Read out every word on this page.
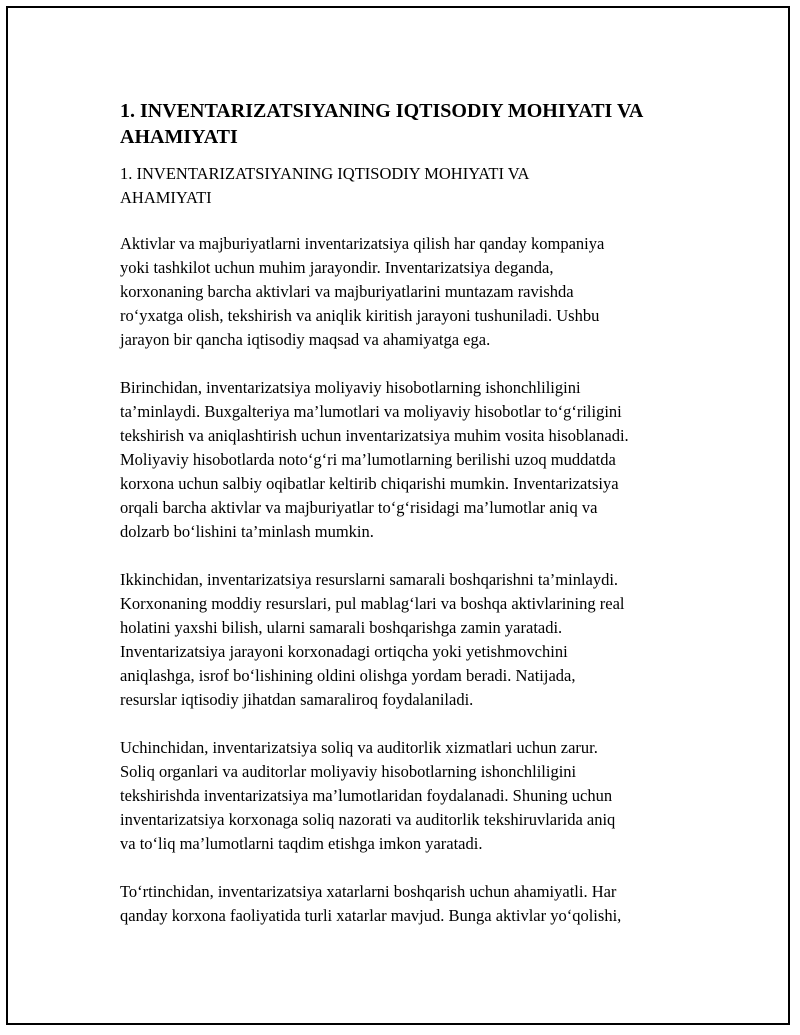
1. INVENTARIZATSIYANING IQTISODIY MOHIYATI VA
AHAMIYATI

1. INVENTARIZATSIYANING IQTISODIY MOHIYATI VA
AHAMIYATI

Aktivlar va majburiyatlarni inventarizatsiya qilish har qanday kompaniya
yoki tashkilot uchun muhim jarayondir. Inventarizatsiya deganda,
korxonaning barcha aktivlari va majburiyatlarini muntazam ravishda
ro‘yxatga olish, tekshirish va aniqlik kiritish jarayoni tushuniladi. Ushbu
jarayon bir qancha iqtisodiy maqsad va ahamiyatga ega.

Birinchidan, inventarizatsiya moliyaviy hisobotlarning ishonchliligini
ta’minlaydi. Buxgalteriya ma’lumotlari va moliyaviy hisobotlar to‘g‘riligini
tekshirish va aniqlashtirish uchun inventarizatsiya muhim vosita hisoblanadi.
Moliyaviy hisobotlarda noto‘g‘ri ma’lumotlarning berilishi uzoq muddatda
korxona uchun salbiy oqibatlar keltirib chiqarishi mumkin. Inventarizatsiya
orqali barcha aktivlar va majburiyatlar to‘g‘risidagi ma’lumotlar aniq va
dolzarb bo‘lishini ta’minlash mumkin.

Ikkinchidan, inventarizatsiya resurslarni samarali boshqarishni ta’minlaydi.
Korxonaning moddiy resurslari, pul mablag‘lari va boshqa aktivlarining real
holatini yaxshi bilish, ularni samarali boshqarishga zamin yaratadi.
Inventarizatsiya jarayoni korxonadagi ortiqcha yoki yetishmovchini
aniqlashga, isrof bo‘lishining oldini olishga yordam beradi. Natijada,
resurslar iqtisodiy jihatdan samaraliroq foydalaniladi.

Uchinchidan, inventarizatsiya soliq va auditorlik xizmatlari uchun zarur.
Soliq organlari va auditorlar moliyaviy hisobotlarning ishonchliligini
tekshirishda inventarizatsiya ma’lumotlaridan foydalanadi. Shuning uchun
inventarizatsiya korxonaga soliq nazorati va auditorlik tekshiruvlarida aniq
va to‘liq ma’lumotlarni taqdim etishga imkon yaratadi.

To‘rtinchidan, inventarizatsiya xatarlarni boshqarish uchun ahamiyatli. Har
qanday korxona faoliyatida turli xatarlar mavjud. Bunga aktivlar yo‘qolishi,
